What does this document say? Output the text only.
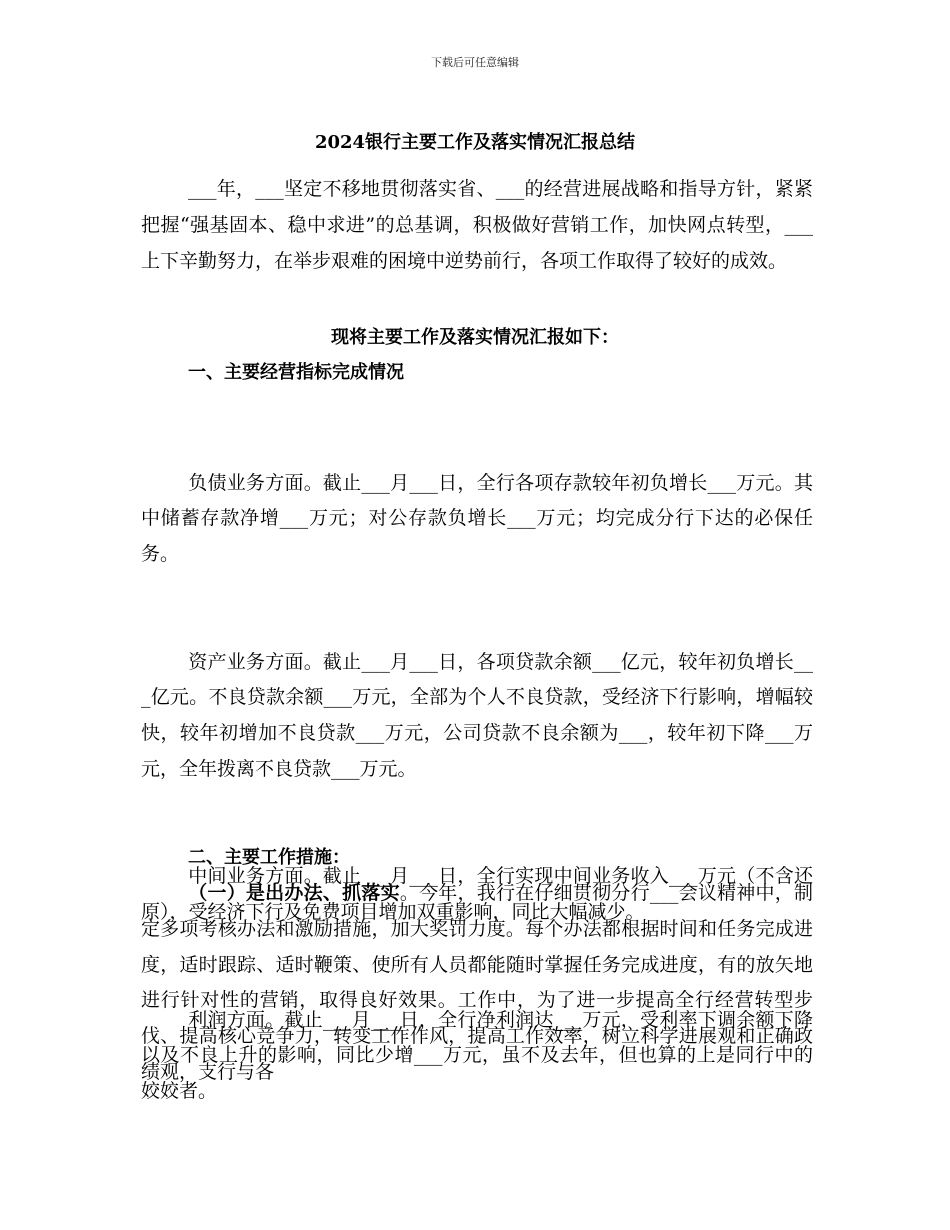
下载后可任意编辑
2024银行主要工作及落实情况汇报总结
___年，___坚定不移地贯彻落实省、___的经营进展战略和指导方针，紧紧把握“强基固本、稳中求进”的总基调，积极做好营销工作，加快网点转型，___上下辛勤努力，在举步艰难的困境中逆势前行，各项工作取得了较好的成效。
现将主要工作及落实情况汇报如下：
一、主要经营指标完成情况

负债业务方面。截止___月___日，全行各项存款较年初负增长___万元。其中储蓄存款净增___万元；对公存款负增长___万元；均完成分行下达的必保任务。

资产业务方面。截止___月___日，各项贷款余额___亿元，较年初负增长___亿元。不良贷款余额___万元，全部为个人不良贷款，受经济下行影响，增幅较快，较年初增加不良贷款___万元，公司贷款不良余额为___，较年初下降___万元，全年拨离不良贷款___万元。

中间业务方面。截止___月___日，全行实现中间业务收入___万元（不含还原），受经济下行及免费项目增加双重影响，同比大幅减少。

利润方面。截止___月___日，全行净利润达___万元，受利率下调余额下降以及不良上升的影响，同比少增___万元，虽不及去年，但也算的上是同行中的姣姣者。

二、主要工作措施：
（一）是出办法、抓落实。今年，我行在仔细贯彻分行___会议精神中，制定多项考核办法和激励措施，加大奖罚力度。每个办法都根据时间和任务完成进度，适时跟踪、适时鞭策、使所有人员都能随时掌握任务完成进度，有的放矢地进行针对性的营销，取得良好效果。工作中，为了进一步提高全行经营转型步伐、提高核心竞争力，转变工作作风，提高工作效率，树立科学进展观和正确政绩观，支行与各
